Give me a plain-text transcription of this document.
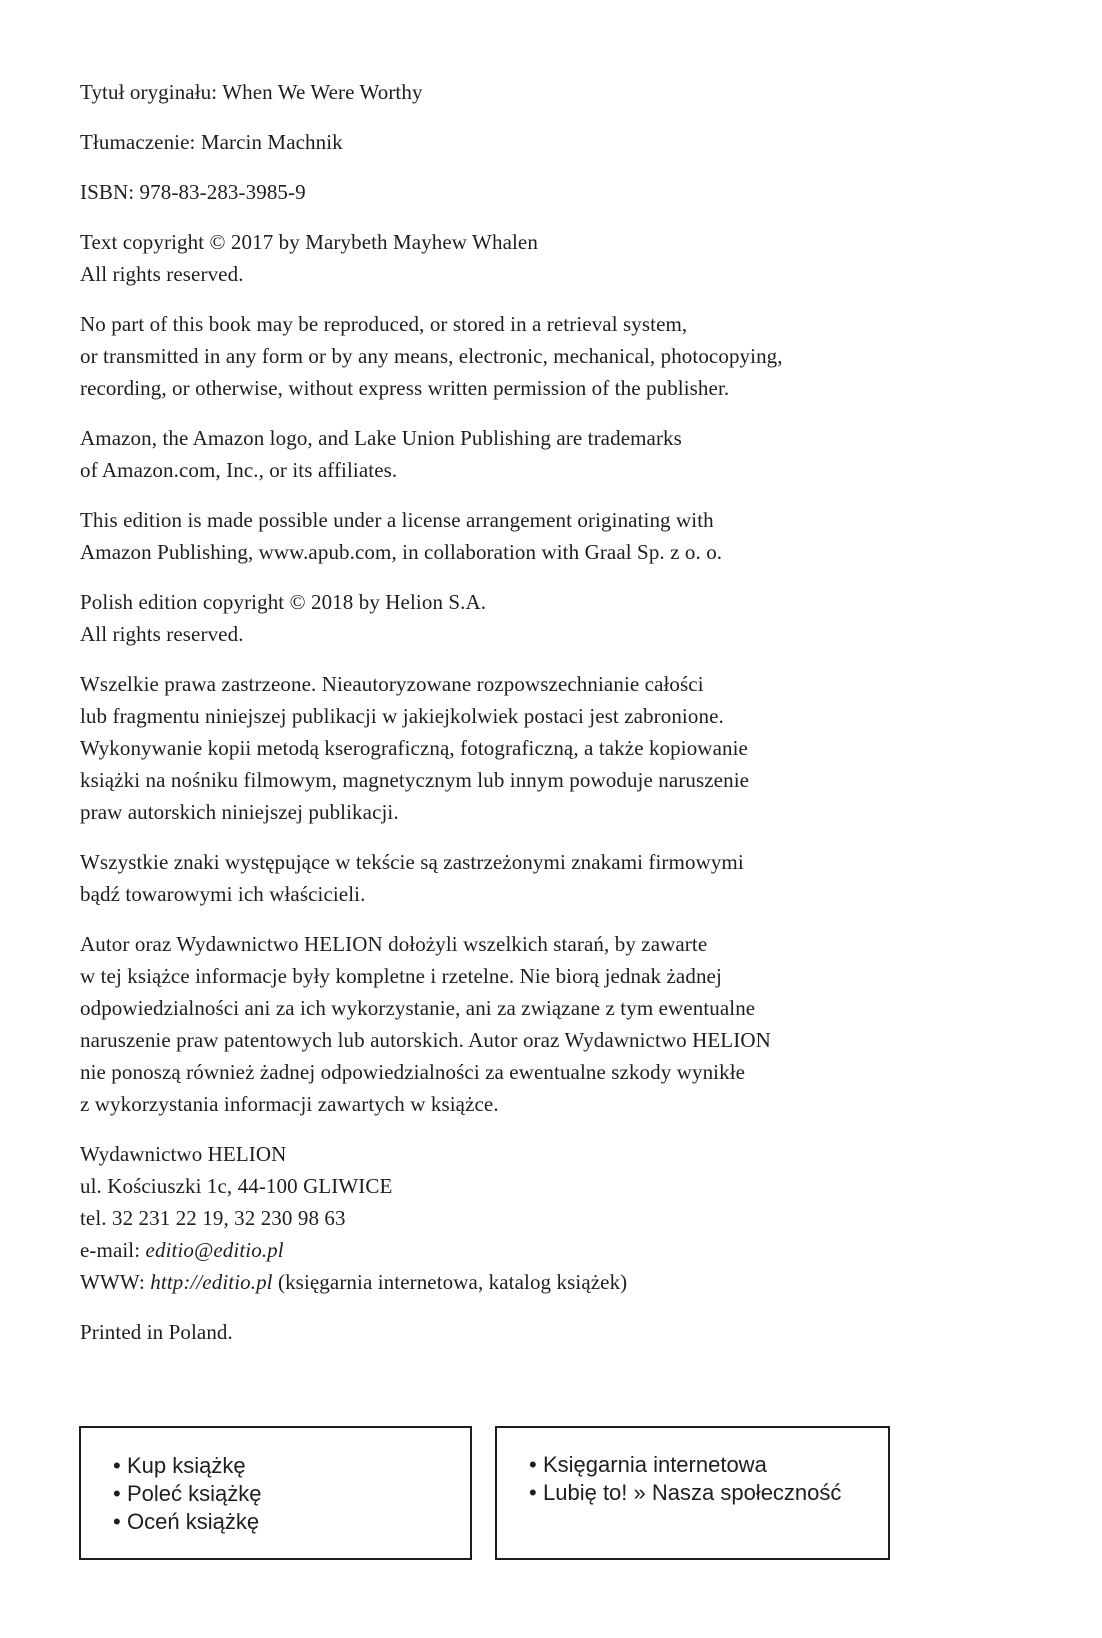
Tytuł oryginału: When We Were Worthy

Tłumaczenie: Marcin Machnik

ISBN: 978-83-283-3985-9

Text copyright © 2017 by Marybeth Mayhew Whalen
All rights reserved.

No part of this book may be reproduced, or stored in a retrieval system,
or transmitted in any form or by any means, electronic, mechanical, photocopying,
recording, or otherwise, without express written permission of the publisher.

Amazon, the Amazon logo, and Lake Union Publishing are trademarks
of Amazon.com, Inc., or its affiliates.

This edition is made possible under a license arrangement originating with
Amazon Publishing, www.apub.com, in collaboration with Graal Sp. z o. o.

Polish edition copyright © 2018 by Helion S.A.
All rights reserved.

Wszelkie prawa zastrzeone. Nieautoryzowane rozpowszechnianie całości
lub fragmentu niniejszej publikacji w jakiejkolwiek postaci jest zabronione.
Wykonywanie kopii metodą kserograficzną, fotograficzną, a także kopiowanie
książki na nośniku filmowym, magnetycznym lub innym powoduje naruszenie
praw autorskich niniejszej publikacji.

Wszystkie znaki występujące w tekście są zastrzeżonymi znakami firmowymi
bądź towarowymi ich właścicieli.

Autor oraz Wydawnictwo HELION dołożyli wszelkich starań, by zawarte
w tej książce informacje były kompletne i rzetelne. Nie biorą jednak żadnej
odpowiedzialności ani za ich wykorzystanie, ani za związane z tym ewentualne
naruszenie praw patentowych lub autorskich. Autor oraz Wydawnictwo HELION
nie ponoszą również żadnej odpowiedzialności za ewentualne szkody wynikłe
z wykorzystania informacji zawartych w książce.

Wydawnictwo HELION
ul. Kościuszki 1c, 44-100 GLIWICE
tel. 32 231 22 19, 32 230 98 63
e-mail: editio@editio.pl
WWW: http://editio.pl (księgarnia internetowa, katalog książek)

Printed in Poland.

• Kup książkę
• Poleć książkę
• Oceń książkę
• Księgarnia internetowa
• Lubię to! » Nasza społeczność
